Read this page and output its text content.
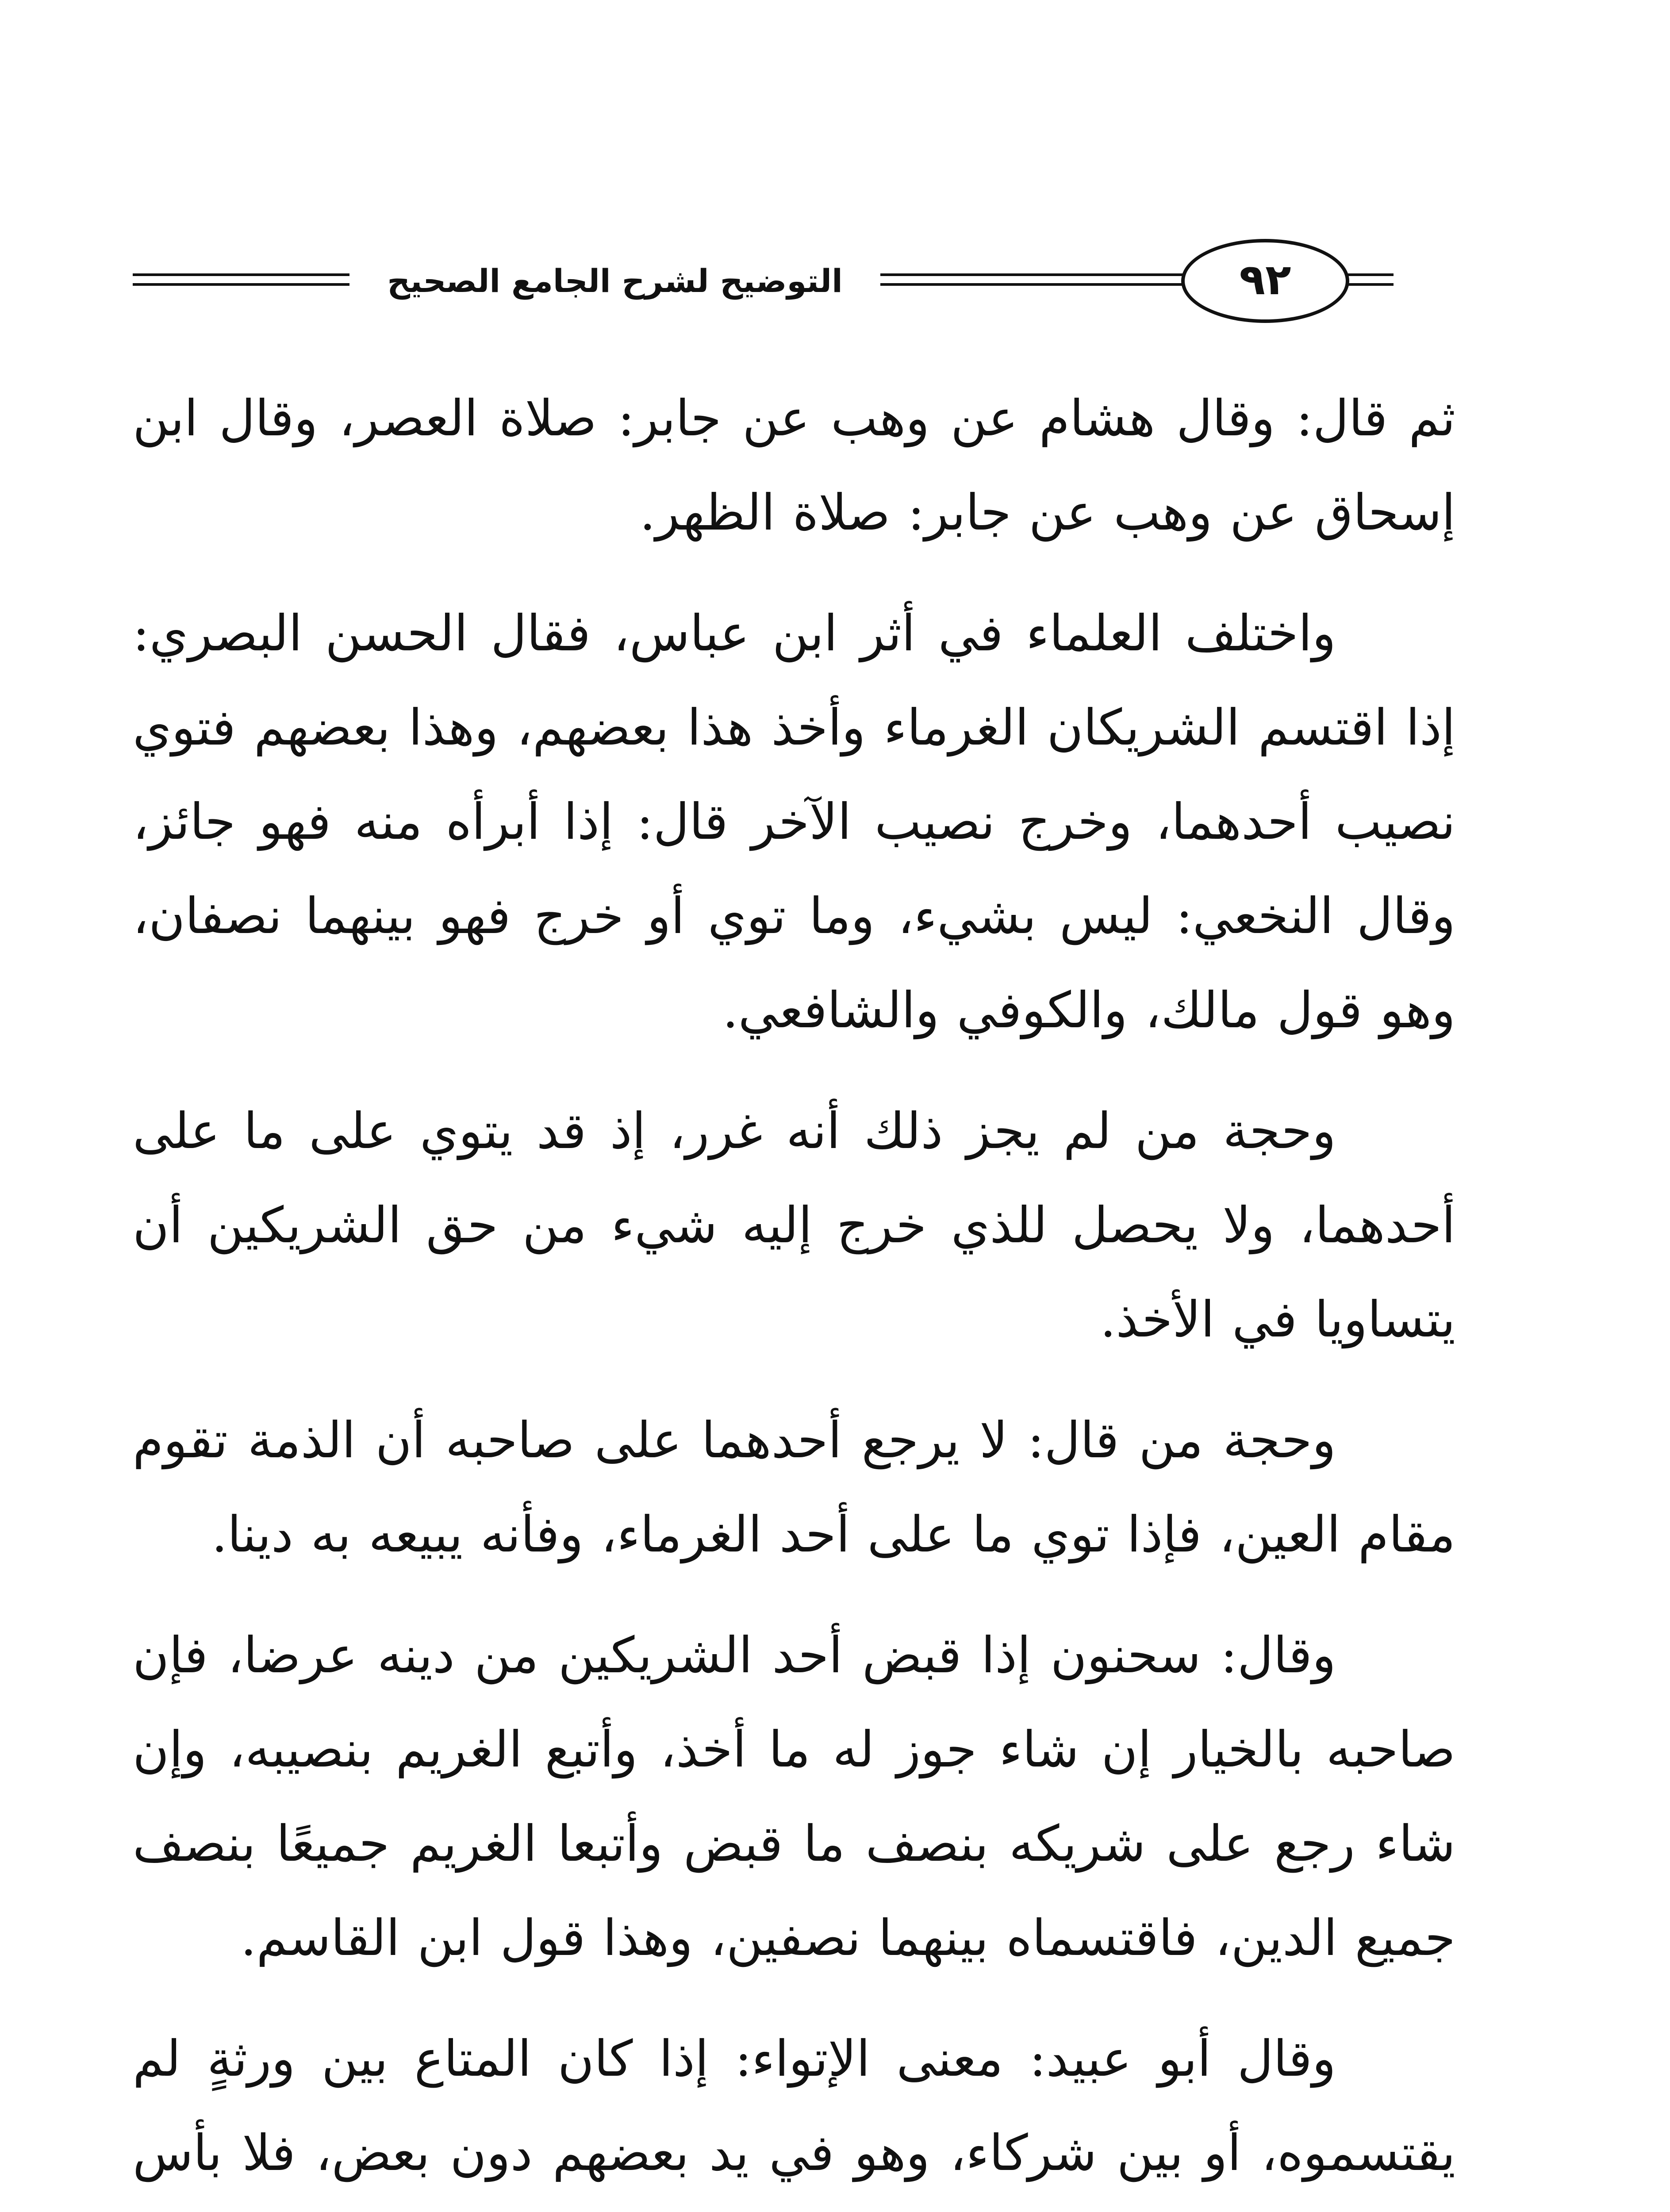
التوضيح لشرح الجامع الصحيح	٩٢

ثم قال: وقال هشام عن وهب عن جابر: صلاة العصر، وقال ابن إسحاق عن وهب عن جابر: صلاة الظهر.

واختلف العلماء في أثر ابن عباس، فقال الحسن البصري: إذا اقتسم الشريكان الغرماء وأخذ هذا بعضهم، وهذا بعضهم فتوي نصيب أحدهما، وخرج نصيب الآخر قال: إذا أبرأه منه فهو جائز، وقال النخعي: ليس بشيء، وما توي أو خرج فهو بينهما نصفان، وهو قول مالك، والكوفي والشافعي.

وحجة من لم يجز ذلك أنه غرر، إذ قد يتوي على ما على أحدهما، ولا يحصل للذي خرج إليه شيء من حق الشريكين أن يتساويا في الأخذ.

وحجة من قال: لا يرجع أحدهما على صاحبه أن الذمة تقوم مقام العين، فإذا توي ما على أحد الغرماء، وفأنه يبيعه به دينا.

وقال: سحنون إذا قبض أحد الشريكين من دينه عرضا، فإن صاحبه بالخيار إن شاء جوز له ما أخذ، وأتبع الغريم بنصيبه، وإن شاء رجع على شريكه بنصف ما قبض وأتبعا الغريم جميعًا بنصف جميع الدين، فاقتسماه بينهما نصفين، وهذا قول ابن القاسم.

وقال أبو عبيد: معنى الإتواء: إذا كان المتاع بين ورثةٍ لم يقتسموه، أو بين شركاء، وهو في يد بعضهم دون بعض، فلا بأس
